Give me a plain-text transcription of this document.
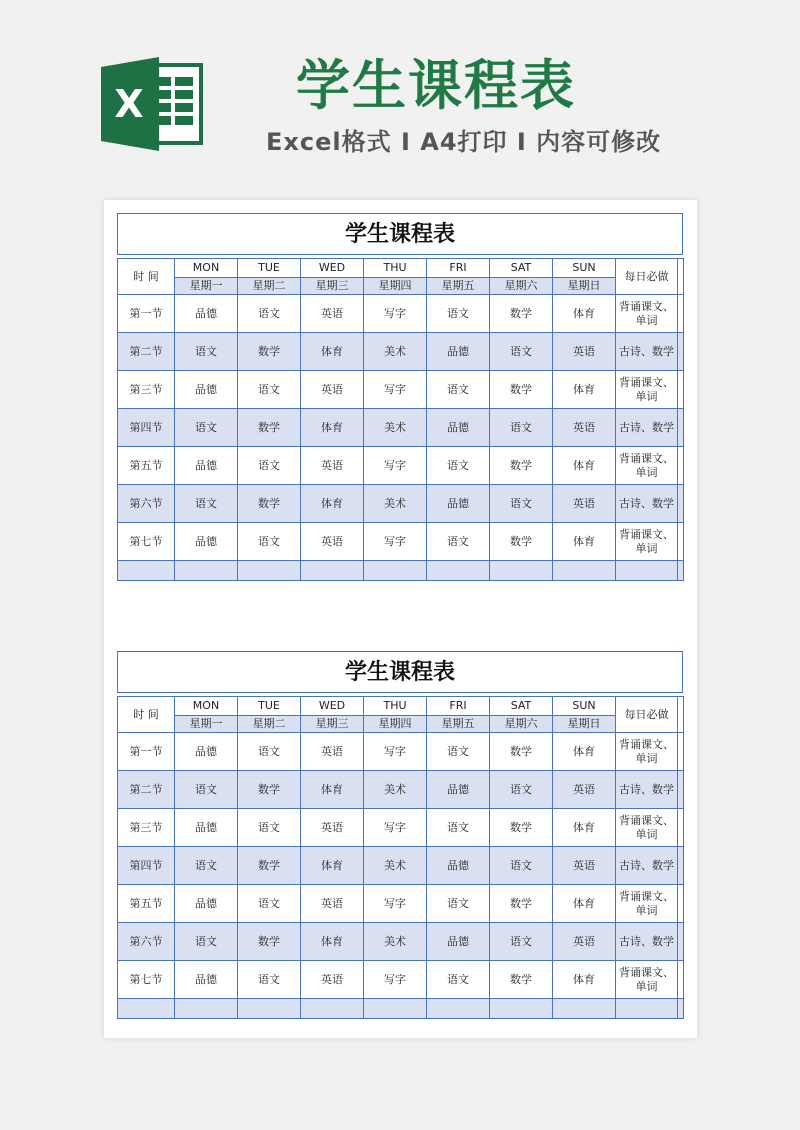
X	学生课程表
Excel格式 I A4打印 I 内容可修改
学生课程表
时 间	MON	TUE	WED	THU	FRI	SAT	SUN	每日必做	
	星期一	星期二	星期三	星期四	星期五	星期六	星期日		
第一节	品德	语文	英语	写字	语文	数学	体育	背诵课文、单词	
第二节	语文	数学	体育	美术	品德	语文	英语	古诗、数学	
第三节	品德	语文	英语	写字	语文	数学	体育	背诵课文、单词	
第四节	语文	数学	体育	美术	品德	语文	英语	古诗、数学	
第五节	品德	语文	英语	写字	语文	数学	体育	背诵课文、单词	
第六节	语文	数学	体育	美术	品德	语文	英语	古诗、数学	
第七节	品德	语文	英语	写字	语文	数学	体育	背诵课文、单词	

学生课程表
时 间	MON	TUE	WED	THU	FRI	SAT	SUN	每日必做	
	星期一	星期二	星期三	星期四	星期五	星期六	星期日		
第一节	品德	语文	英语	写字	语文	数学	体育	背诵课文、单词	
第二节	语文	数学	体育	美术	品德	语文	英语	古诗、数学	
第三节	品德	语文	英语	写字	语文	数学	体育	背诵课文、单词	
第四节	语文	数学	体育	美术	品德	语文	英语	古诗、数学	
第五节	品德	语文	英语	写字	语文	数学	体育	背诵课文、单词	
第六节	语文	数学	体育	美术	品德	语文	英语	古诗、数学	
第七节	品德	语文	英语	写字	语文	数学	体育	背诵课文、单词	
